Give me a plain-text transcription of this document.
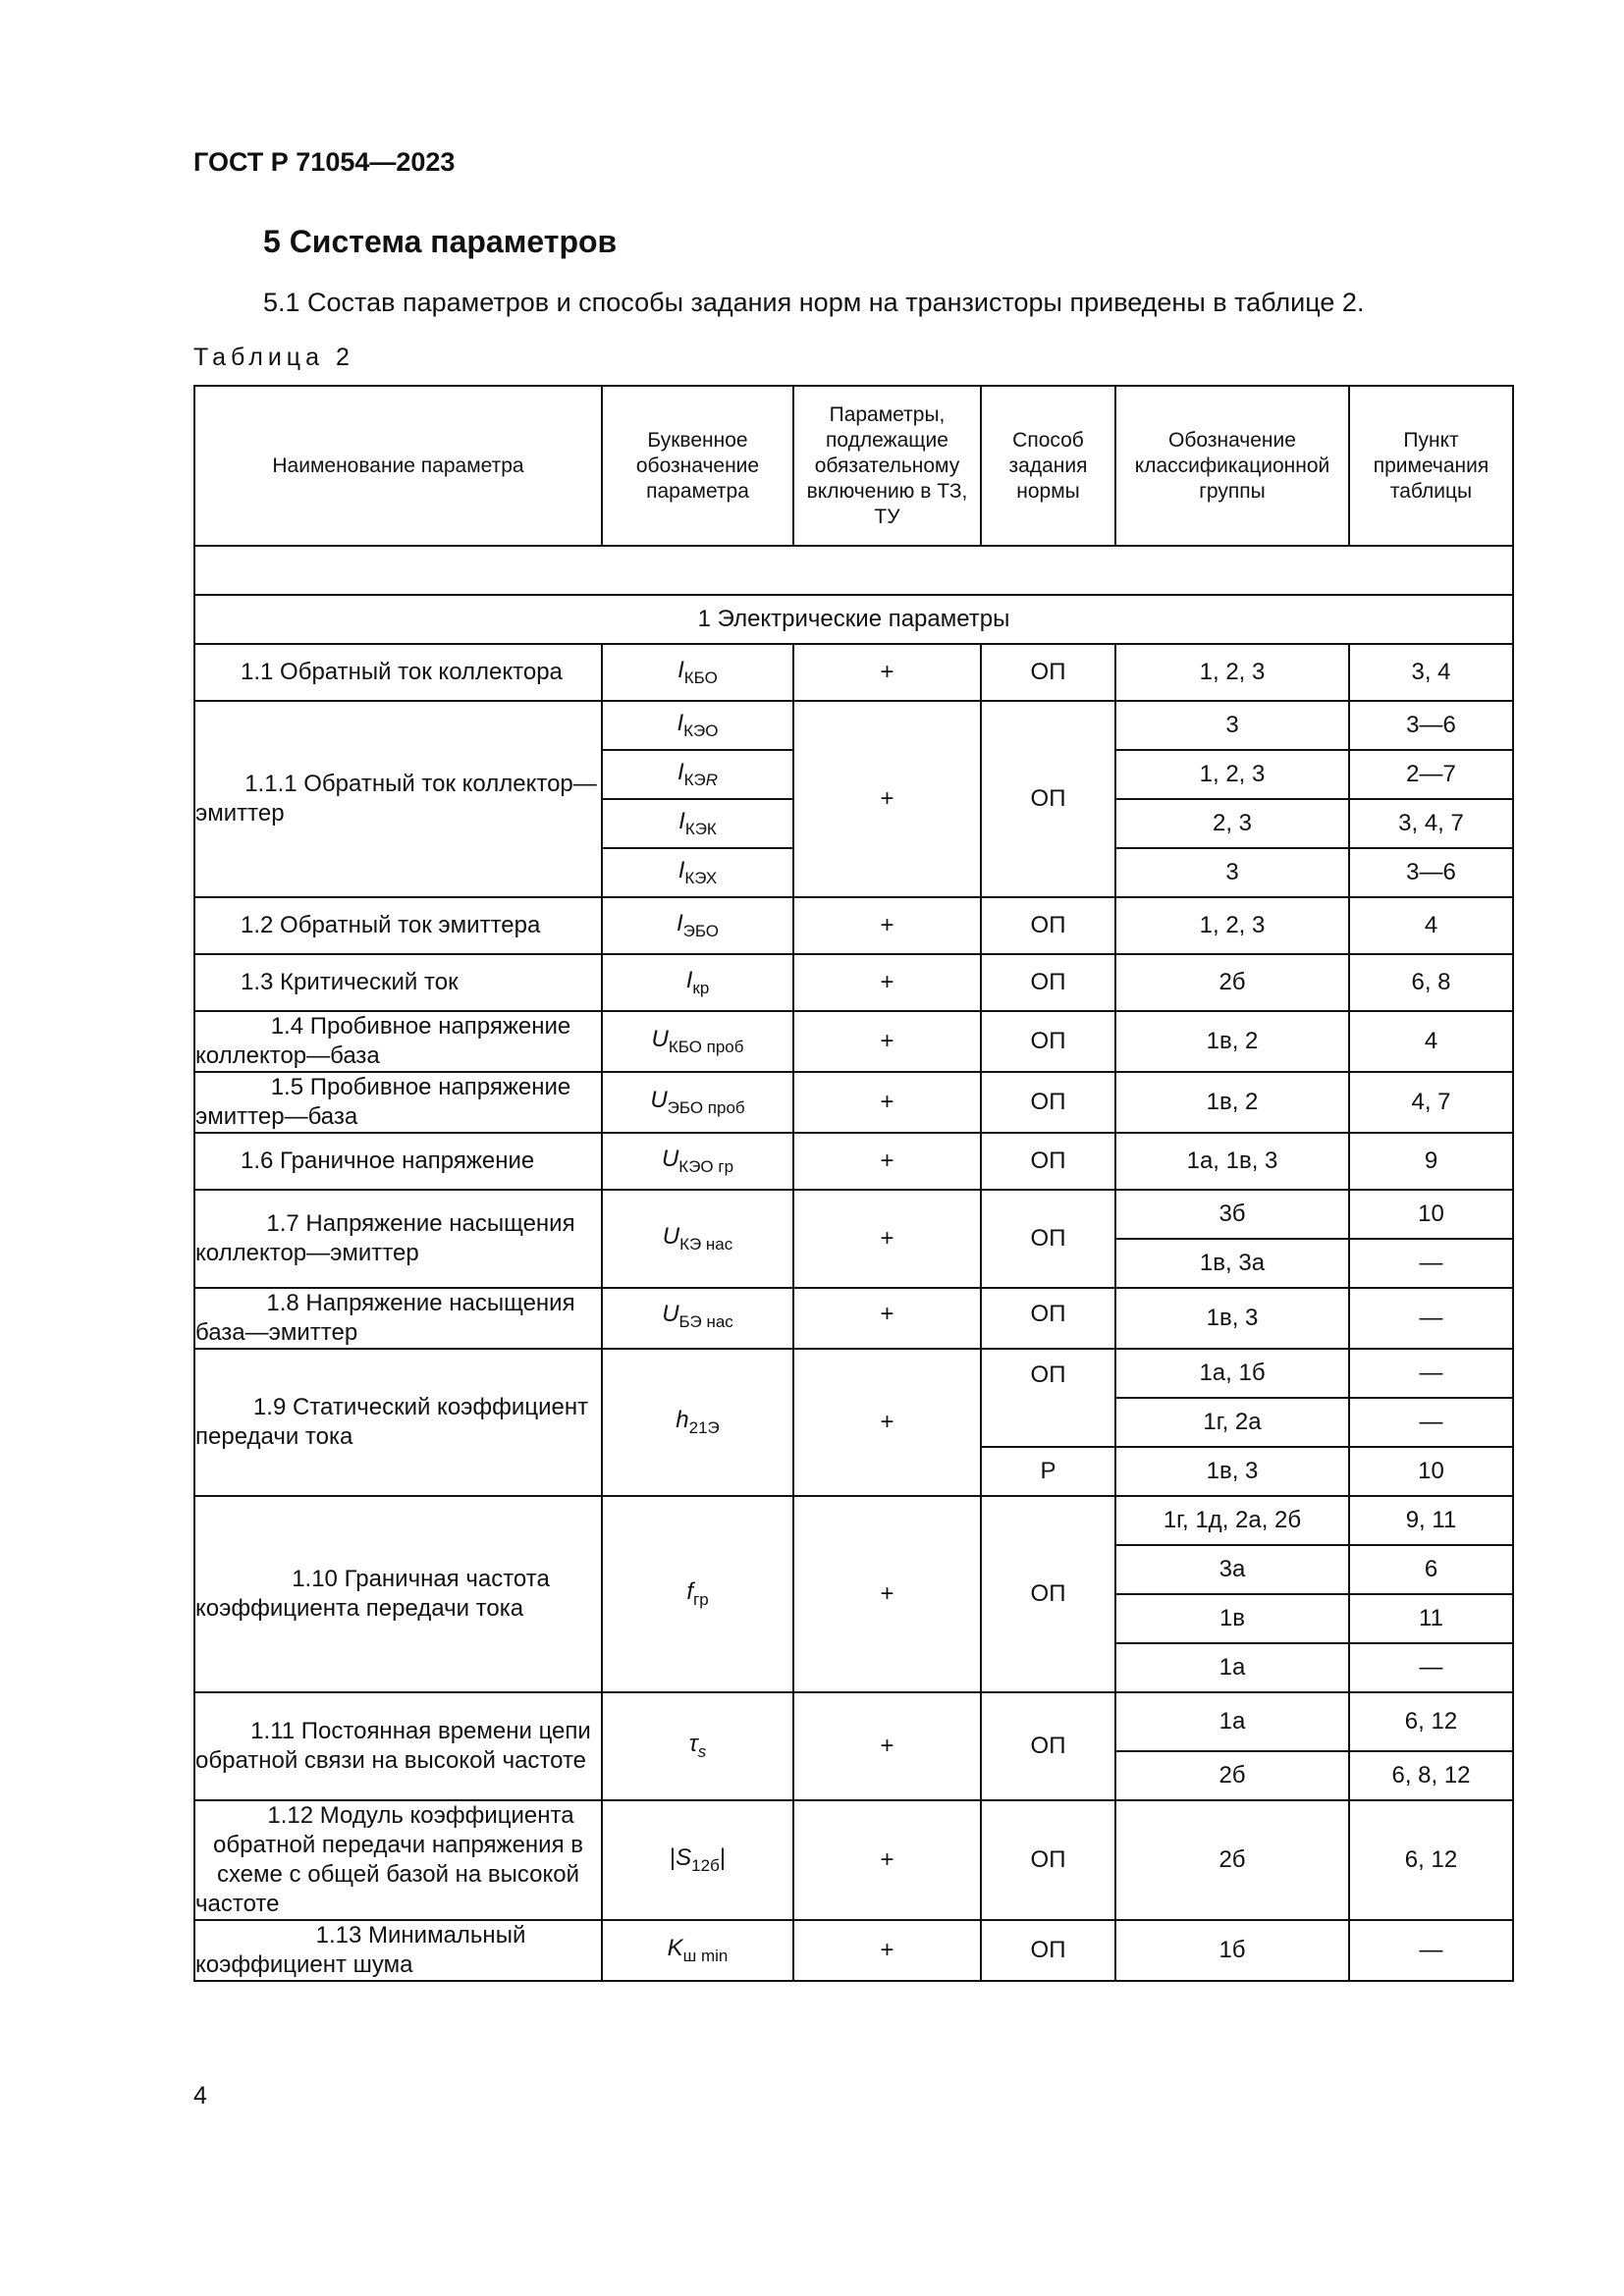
ГОСТ Р 71054—2023
5 Система параметров
5.1 Состав параметров и способы задания норм на транзисторы приведены в таблице 2.
Таблица 2
Наименование параметра	Буквенное обозначение параметра	Параметры, подлежащие обязательному включению в ТЗ, ТУ	Способ задания нормы	Обозначение классификационной группы	Пункт примечания таблицы

1 Электрические параметры					
1.1 Обратный ток коллектора	$I_{КБО}$	+	ОП	1, 2, 3	3, 4
1.1.1 Обратный ток коллектор—эмиттер	$I_{КЭО}$	+	ОП	3	3—6
	$I_{КЭR}$			1, 2, 3	2—7
	$I_{КЭК}$			2, 3	3, 4, 7
	$I_{КЭХ}$			3	3—6
1.2 Обратный ток эмиттера	$I_{ЭБО}$	+	ОП	1, 2, 3	4
1.3 Критический ток	$I_{кр}$	+	ОП	2б	6, 8
1.4 Пробивное напряжение коллектор—база	$U_{КБО проб}$	+	ОП	1в, 2	4
1.5 Пробивное напряжение эмиттер—база	$U_{ЭБО проб}$	+	ОП	1в, 2	4, 7
1.6 Граничное напряжение	$U_{КЭО гр}$	+	ОП	1а, 1в, 3	9
1.7 Напряжение насыщения коллектор—эмиттер	$U_{КЭ нас}$	+	ОП	3б	10
				1в, 3а	—
1.8 Напряжение насыщения база—эмиттер	$U_{БЭ нас}$	+	ОП	1в, 3	—
1.9 Статический коэффициент передачи тока	$h_{21Э}$	+	ОП	1а, 1б	—
				1г, 2а	—
			Р	1в, 3	10
1.10 Граничная частота коэффициента передачи тока	$f_{гр}$	+	ОП	1г, 1д, 2а, 2б	9, 11
				3а	6
				1в	11
				1а	—
1.11 Постоянная времени цепи обратной связи на высокой частоте	$\tau_s$	+	ОП	1а	6, 12
				2б	6, 8, 12
1.12 Модуль коэффициента обратной передачи напряжения в схеме с общей базой на высокой частоте	$|S_{12б}|$	+	ОП	2б	6, 12
1.13 Минимальный коэффициент шума	$K_{ш min}$	+	ОП	1б	—
4
